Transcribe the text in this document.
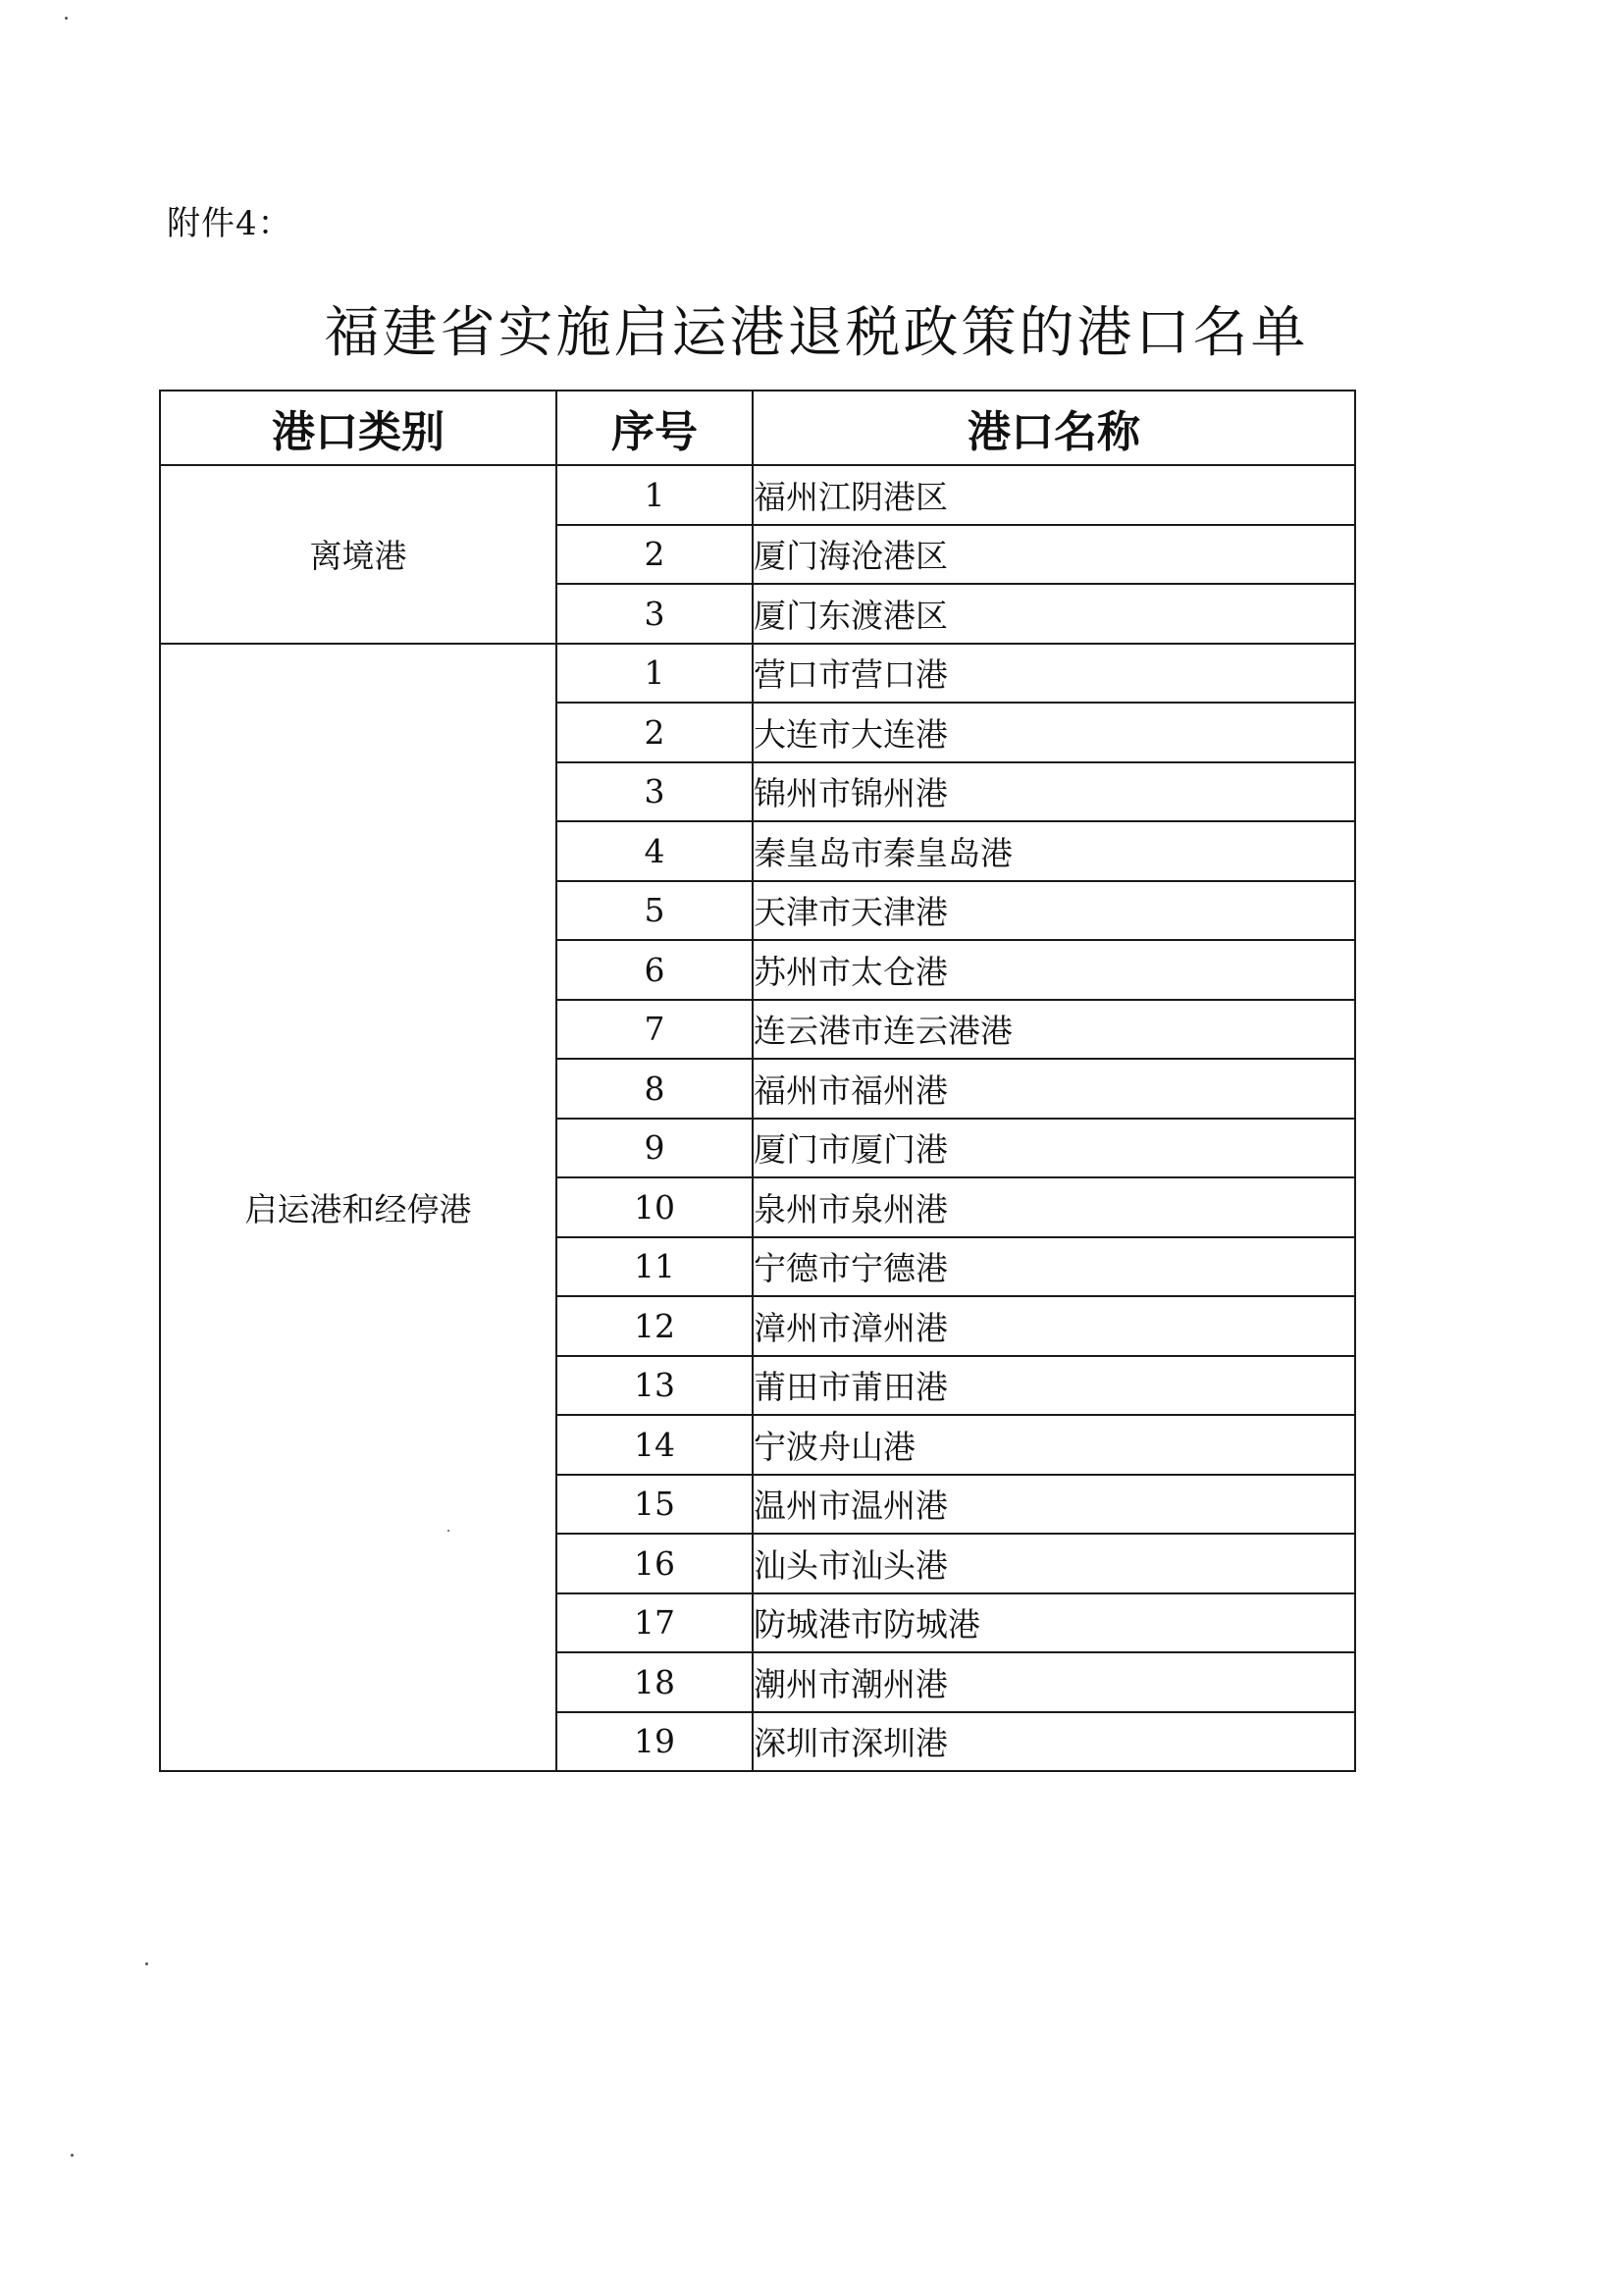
附件4：
福建省实施启运港退税政策的港口名单
港口类别	序号	港口名称
离境港	1	福州江阴港区
	2	厦门海沧港区
	3	厦门东渡港区
启运港和经停港	1	营口市营口港
	2	大连市大连港
	3	锦州市锦州港
	4	秦皇岛市秦皇岛港
	5	天津市天津港
	6	苏州市太仓港
	7	连云港市连云港港
	8	福州市福州港
	9	厦门市厦门港
	10	泉州市泉州港
	11	宁德市宁德港
	12	漳州市漳州港
	13	莆田市莆田港
	14	宁波舟山港
	15	温州市温州港
	16	汕头市汕头港
	17	防城港市防城港
	18	潮州市潮州港
	19	深圳市深圳港
